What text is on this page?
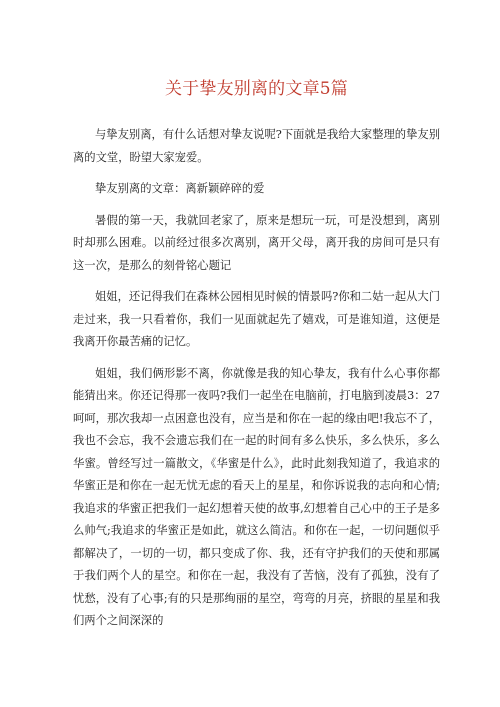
关于挚友别离的文章5篇

与挚友别离，有什么话想对挚友说呢?下面就是我给大家整理的挚友别离的文堂，盼望大家宠爱。

挚友别离的文章：离新颖碎碎的爱

暑假的第一天，我就回老家了，原来是想玩一玩，可是没想到，离别时却那么困难。以前经过很多次离别，离开父母，离开我的房间可是只有这一次，是那么的刻骨铭心题记

姐姐，还记得我们在森林公园相见时候的情景吗?你和二姑一起从大门走过来，我一只看着你，我们一见面就起先了嬉戏，可是谁知道，这便是我离开你最苦痛的记忆。

姐姐，我们俩形影不离，你就像是我的知心挚友，我有什么心事你都能猜出来。你还记得那一夜吗?我们一起坐在电脑前，打电脑到凌晨3：27呵呵，那次我却一点困意也没有，应当是和你在一起的缘由吧!我忘不了，我也不会忘，我不会遗忘我们在一起的时间有多么快乐，多么快乐，多么华蜜。曾经写过一篇散文，《华蜜是什么》，此时此刻我知道了，我追求的华蜜正是和你在一起无忧无虑的看天上的星星，和你诉说我的志向和心情;我追求的华蜜正把我们一起幻想着天使的故事,幻想着自己心中的王子是多么帅气;我追求的华蜜正是如此，就这么简洁。和你在一起，一切问题似乎都解决了，一切的一切，都只变成了你、我，还有守护我们的天使和那属于我们两个人的星空。和你在一起，我没有了苦恼，没有了孤独，没有了忧愁，没有了心事;有的只是那绚丽的星空，弯弯的月亮，挤眼的星星和我们两个之间深深的
